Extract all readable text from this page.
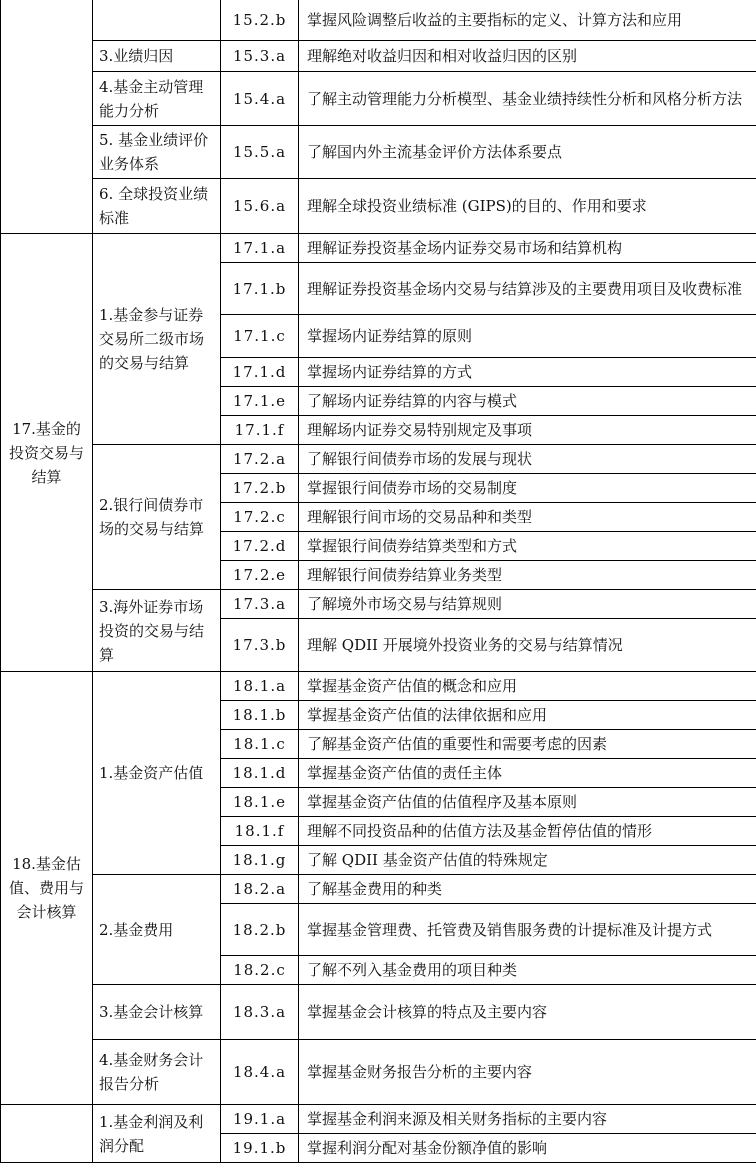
		15.2.b	掌握风险调整后收益的主要指标的定义、计算方法和应用
	3.业绩归因	15.3.a	理解绝对收益归因和相对收益归因的区别
	4.基金主动管理能力分析	15.4.a	了解主动管理能力分析模型、基金业绩持续性分析和风格分析方法
	5. 基金业绩评价业务体系	15.5.a	了解国内外主流基金评价方法体系要点
	6. 全球投资业绩标准	15.6.a	理解全球投资业绩标准 (GIPS)的目的、作用和要求
17.基金的投资交易与结算	1.基金参与证券交易所二级市场的交易与结算	17.1.a	理解证券投资基金场内证券交易市场和结算机构
		17.1.b	理解证券投资基金场内交易与结算涉及的主要费用项目及收费标准
		17.1.c	掌握场内证券结算的原则
		17.1.d	掌握场内证券结算的方式
		17.1.e	了解场内证券结算的内容与模式
		17.1.f	理解场内证券交易特别规定及事项
	2.银行间债券市场的交易与结算	17.2.a	了解银行间债券市场的发展与现状
		17.2.b	掌握银行间债券市场的交易制度
		17.2.c	理解银行间市场的交易品种和类型
		17.2.d	掌握银行间债券结算类型和方式
		17.2.e	理解银行间债券结算业务类型
	3.海外证券市场投资的交易与结算	17.3.a	了解境外市场交易与结算规则
		17.3.b	理解 QDII 开展境外投资业务的交易与结算情况
18.基金估值、费用与会计核算	1.基金资产估值	18.1.a	掌握基金资产估值的概念和应用
		18.1.b	掌握基金资产估值的法律依据和应用
		18.1.c	了解基金资产估值的重要性和需要考虑的因素
		18.1.d	掌握基金资产估值的责任主体
		18.1.e	掌握基金资产估值的估值程序及基本原则
		18.1.f	理解不同投资品种的估值方法及基金暂停估值的情形
		18.1.g	了解 QDII 基金资产估值的特殊规定
	2.基金费用	18.2.a	了解基金费用的种类
		18.2.b	掌握基金管理费、托管费及销售服务费的计提标准及计提方式
		18.2.c	了解不列入基金费用的项目种类
	3.基金会计核算	18.3.a	掌握基金会计核算的特点及主要内容
	4.基金财务会计报告分析	18.4.a	掌握基金财务报告分析的主要内容
	1.基金利润及利润分配	19.1.a	掌握基金利润来源及相关财务指标的主要内容
		19.1.b	掌握利润分配对基金份额净值的影响
